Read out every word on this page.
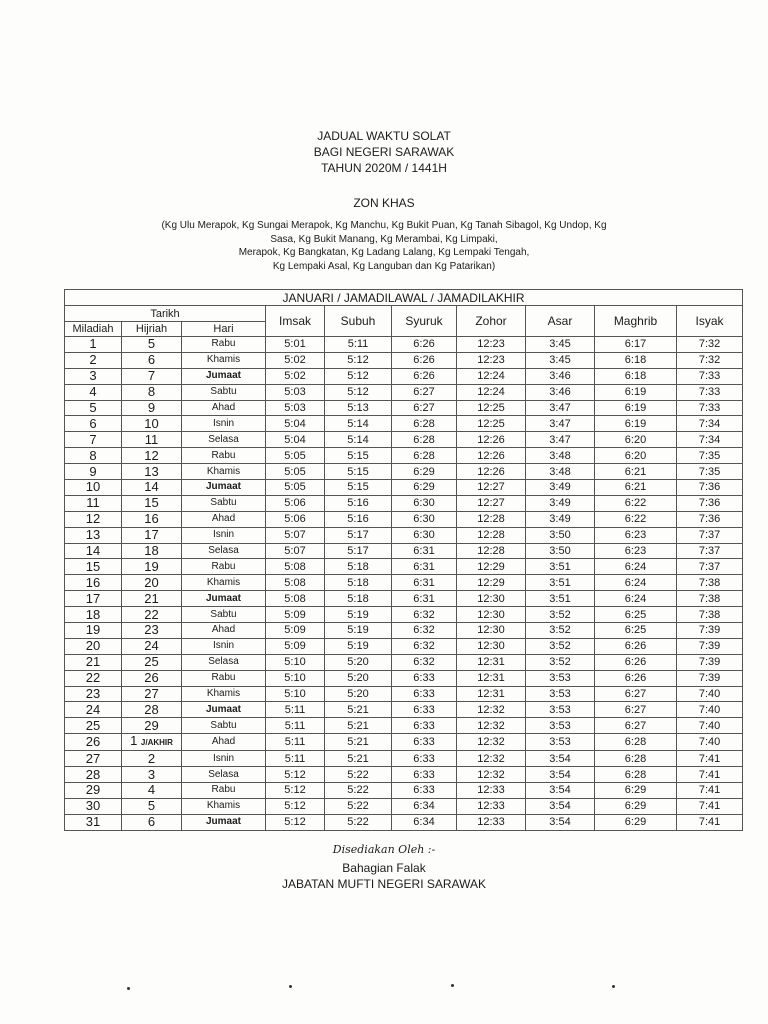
JADUAL WAKTU SOLAT
BAGI NEGERI SARAWAK
TAHUN 2020M / 1441H
ZON KHAS
(Kg Ulu Merapok, Kg Sungai Merapok, Kg Manchu, Kg Bukit Puan, Kg Tanah Sibagol, Kg Undop, Kg
Sasa, Kg Bukit Manang, Kg Merambai, Kg Limpaki,
Merapok, Kg Bangkatan, Kg Ladang Lalang, Kg Lempaki Tengah,
Kg Lempaki Asal, Kg Languban dan Kg Patarikan)
JANUARI / JAMADILAWAL / JAMADILAKHIR									
Tarikh			Imsak	Subuh	Syuruk	Zohor	Asar	Maghrib	Isyak
Miladiah	Hijriah	Hari							
1	5	Rabu	5:01	5:11	6:26	12:23	3:45	6:17	7:32
2	6	Khamis	5:02	5:12	6:26	12:23	3:45	6:18	7:32
3	7	Jumaat	5:02	5:12	6:26	12:24	3:46	6:18	7:33
4	8	Sabtu	5:03	5:12	6:27	12:24	3:46	6:19	7:33
5	9	Ahad	5:03	5:13	6:27	12:25	3:47	6:19	7:33
6	10	Isnin	5:04	5:14	6:28	12:25	3:47	6:19	7:34
7	11	Selasa	5:04	5:14	6:28	12:26	3:47	6:20	7:34
8	12	Rabu	5:05	5:15	6:28	12:26	3:48	6:20	7:35
9	13	Khamis	5:05	5:15	6:29	12:26	3:48	6:21	7:35
10	14	Jumaat	5:05	5:15	6:29	12:27	3:49	6:21	7:36
11	15	Sabtu	5:06	5:16	6:30	12:27	3:49	6:22	7:36
12	16	Ahad	5:06	5:16	6:30	12:28	3:49	6:22	7:36
13	17	Isnin	5:07	5:17	6:30	12:28	3:50	6:23	7:37
14	18	Selasa	5:07	5:17	6:31	12:28	3:50	6:23	7:37
15	19	Rabu	5:08	5:18	6:31	12:29	3:51	6:24	7:37
16	20	Khamis	5:08	5:18	6:31	12:29	3:51	6:24	7:38
17	21	Jumaat	5:08	5:18	6:31	12:30	3:51	6:24	7:38
18	22	Sabtu	5:09	5:19	6:32	12:30	3:52	6:25	7:38
19	23	Ahad	5:09	5:19	6:32	12:30	3:52	6:25	7:39
20	24	Isnin	5:09	5:19	6:32	12:30	3:52	6:26	7:39
21	25	Selasa	5:10	5:20	6:32	12:31	3:52	6:26	7:39
22	26	Rabu	5:10	5:20	6:33	12:31	3:53	6:26	7:39
23	27	Khamis	5:10	5:20	6:33	12:31	3:53	6:27	7:40
24	28	Jumaat	5:11	5:21	6:33	12:32	3:53	6:27	7:40
25	29	Sabtu	5:11	5:21	6:33	12:32	3:53	6:27	7:40
26	1 J/AKHIR	Ahad	5:11	5:21	6:33	12:32	3:53	6:28	7:40
27	2	Isnin	5:11	5:21	6:33	12:32	3:54	6:28	7:41
28	3	Selasa	5:12	5:22	6:33	12:32	3:54	6:28	7:41
29	4	Rabu	5:12	5:22	6:33	12:33	3:54	6:29	7:41
30	5	Khamis	5:12	5:22	6:34	12:33	3:54	6:29	7:41
31	6	Jumaat	5:12	5:22	6:34	12:33	3:54	6:29	7:41
Disediakan Oleh :-
Bahagian Falak
JABATAN MUFTI NEGERI SARAWAK
